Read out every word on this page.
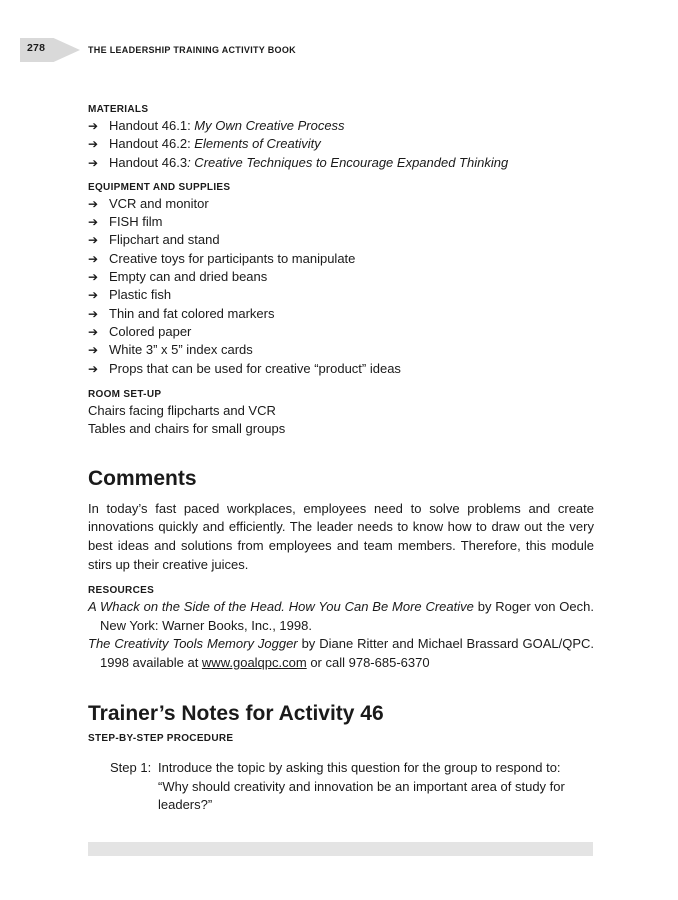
278	THE LEADERSHIP TRAINING ACTIVITY BOOK
MATERIALS
➔ Handout 46.1: My Own Creative Process
➔ Handout 46.2: Elements of Creativity
➔ Handout 46.3: Creative Techniques to Encourage Expanded Thinking
EQUIPMENT AND SUPPLIES
➔ VCR and monitor
➔ FISH film
➔ Flipchart and stand
➔ Creative toys for participants to manipulate
➔ Empty can and dried beans
➔ Plastic fish
➔ Thin and fat colored markers
➔ Colored paper
➔ White 3” x 5” index cards
➔ Props that can be used for creative “product” ideas
ROOM SET-UP

Chairs facing flipcharts and VCR

Tables and chairs for small groups

Comments

In today’s fast paced workplaces, employees need to solve problems and create innovations quickly and efficiently. The leader needs to know how to draw out the very best ideas and solutions from employees and team members. Therefore, this module stirs up their creative juices.

RESOURCES

A Whack on the Side of the Head. How You Can Be More Creative by Roger von Oech. New York: Warner Books, Inc., 1998.

The Creativity Tools Memory Jogger by Diane Ritter and Michael Brassard GOAL/QPC. 1998 available at www.goalqpc.com or call 978-685-6370

Trainer’s Notes for Activity 46
STEP-BY-STEP PROCEDURE
Step 1: Introduce the topic by asking this question for the group to respond to: “Why should creativity and innovation be an important area of study for leaders?”
